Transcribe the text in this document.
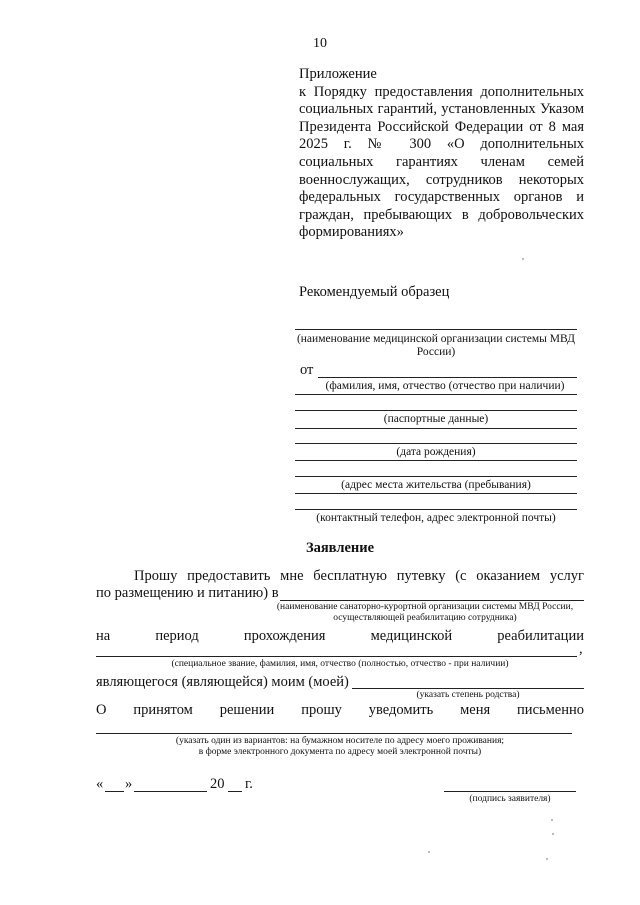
10
Приложение
к Порядку предоставления дополнительных социальных гарантий, установленных Указом Президента Российской Федерации от 8 мая 2025 г. № 300 «О дополнительных социальных гарантиях членам семей военнослужащих, сотрудников некоторых федеральных государственных органов и граждан, пребывающих в добровольческих формированиях»
Рекомендуемый образец
(наименование медицинской организации системы МВД России)
от
(фамилия, имя, отчество (отчество при наличии)
(паспортные данные)
(дата рождения)
(адрес места жительства (пребывания)
(контактный телефон, адрес электронной почты)
Заявление
Прошу предоставить мне бесплатную путевку (с оказанием услуг
по размещению и питанию) в
(наименование санаторно-курортной организации системы МВД России,
осуществляющей реабилитацию сотрудника)
на	период	прохождения	медицинской	реабилитации
,
(специальное звание, фамилия, имя, отчество (полностью, отчество - при наличии)
являющегося (являющейся) моим (моей)
(указать степень родства)
О принятом решении прошу уведомить меня письменно
(указать один из вариантов: на бумажном носителе по адресу моего проживания;
в форме электронного документа по адресу моей электронной почты)
« »	20 г.
(подпись заявителя)
